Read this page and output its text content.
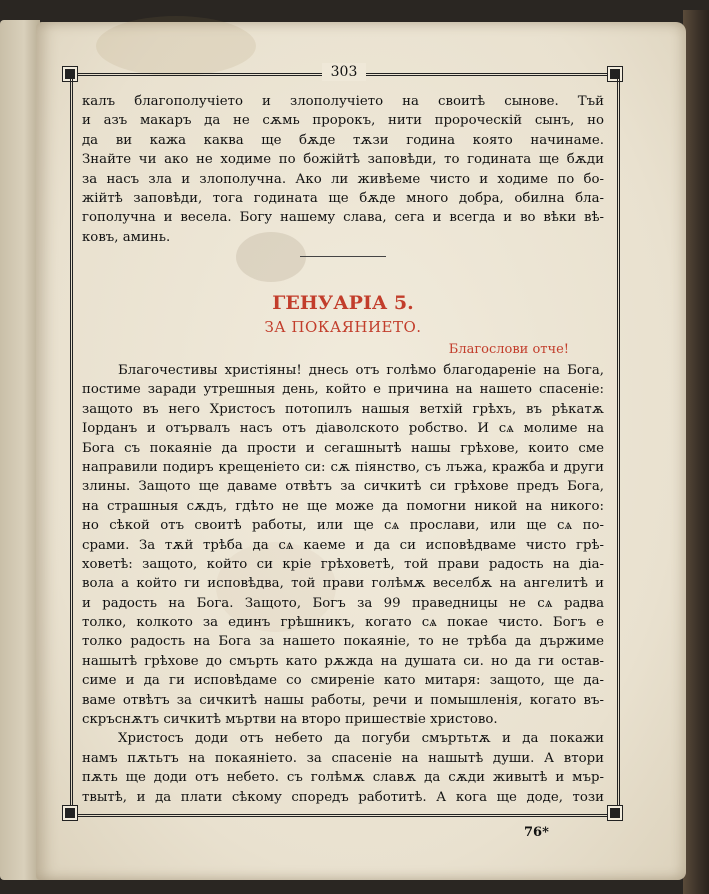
303
калъ благополучіето и злополучіето на своитѣ сынове. Тъй
и азъ макаръ да не сѫмь пророкъ, нити пророческій сынъ, но
да ви кажа каква ще бѫде тѫзи година която начинаме.
Знайте чи ако не ходиме по божійтѣ заповѣди, то годината ще бѫди
за насъ зла и злополучна. Ако ли живѣеме чисто и ходиме по бо-
жійтѣ заповѣди, тога годината ще бѫде много добра, обилна бла-
гополучна и весела. Богу нашему слава, сега и всегда и во вѣки вѣ-
ковъ, аминь.
ГЕНУАРІА 5.
ЗА ПОКАЯНИЕТО.
Благослови отче!
Благочестивы христіяны! днесь отъ голѣмо благодареніе на Бога,
постиме заради утрешныя день, който е причина на нашето спасеніе:
защото въ него Христосъ потопилъ нашыя ветхій грѣхъ, въ рѣкатѫ
Іорданъ и отървалъ насъ отъ діаволското робство. И сѧ молиме на
Бога съ покаяніе да прости и сегашнытѣ нашы грѣхове, които сме
направили подиръ крещеніето си: сѫ піянство, съ лъжа, кражба и други
злины. Защото ще даваме отвѣтъ за сичкитѣ си грѣхове предъ Бога,
на страшныя сѫдъ, гдѣто не ще може да помогни никой на никого:
но сѣкой отъ своитѣ работы, или ще сѧ прослави, или ще сѧ по-
срами. За тѫй трѣба да сѧ каеме и да си исповѣдваме чисто грѣ-
ховетѣ: защото, който си кріе грѣховетѣ, той прави радость на діа-
вола а който ги исповѣдва, той прави голѣмѫ веселбѫ на ангелитѣ и
и радость на Бога. Защото, Богъ за 99 праведницы не сѧ радва
толко, колкото за единъ грѣшникъ, когато сѧ покае чисто. Богъ е
толко радость на Бога за нашето покаяніе, то не трѣба да държиме
нашытѣ грѣхове до смърть като рѫжда на душата си. но да ги остав-
симе и да ги исповѣдаме со смиреніе като митаря: защото, ще да-
ваме отвѣтъ за сичкитѣ нашы работы, речи и помышленія, когато въ-
скръснѫтъ сичкитѣ мъртви на второ пришествіе христово.
Христосъ доди отъ небето да погуби смъртьтѫ и да покажи
намъ пѫтьтъ на покаяніето. за спасеніе на нашытѣ души. А втори
пѫть ще доди отъ небето. съ голѣмѫ славѫ да сѫди живытѣ и мър-
твытѣ, и да плати сѣкому споредъ работитѣ. А кога ще доде, този
76*
